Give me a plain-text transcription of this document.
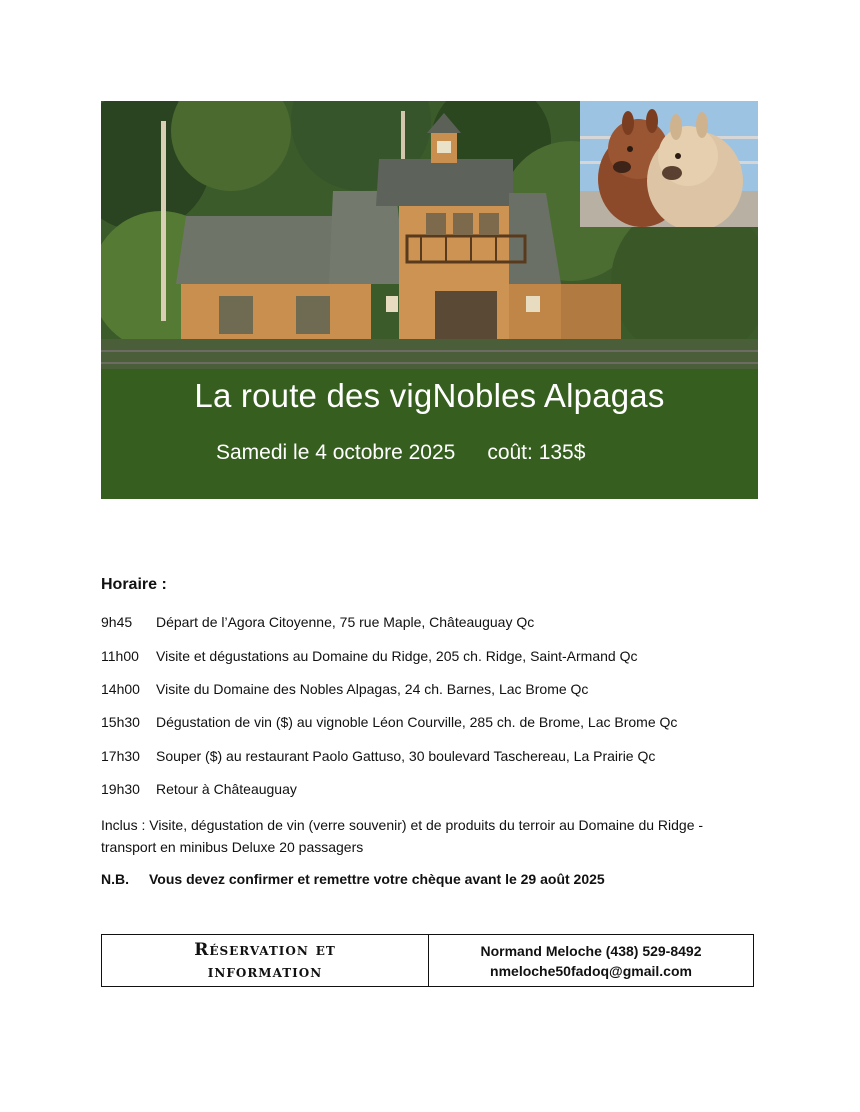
La route des vigNobles Alpagas
Samedi le 4 octobre 2025 coût: 135$
Horaire :
9h45 Départ de l’Agora Citoyenne, 75 rue Maple, Châteauguay Qc
11h00 Visite et dégustations au Domaine du Ridge, 205 ch. Ridge, Saint-Armand Qc
14h00 Visite du Domaine des Nobles Alpagas, 24 ch. Barnes, Lac Brome Qc
15h30 Dégustation de vin ($) au vignoble Léon Courville, 285 ch. de Brome, Lac Brome Qc
17h30 Souper ($) au restaurant Paolo Gattuso, 30 boulevard Taschereau, La Prairie Qc
19h30 Retour à Châteauguay
Inclus : Visite, dégustation de vin (verre souvenir) et de produits du terroir au Domaine du Ridge - transport en minibus Deluxe 20 passagers
N.B. Vous devez confirmer et remettre votre chèque avant le 29 août 2025
Réservation et information
Normand Meloche (438) 529-8492
nmeloche50fadoq@gmail.com
